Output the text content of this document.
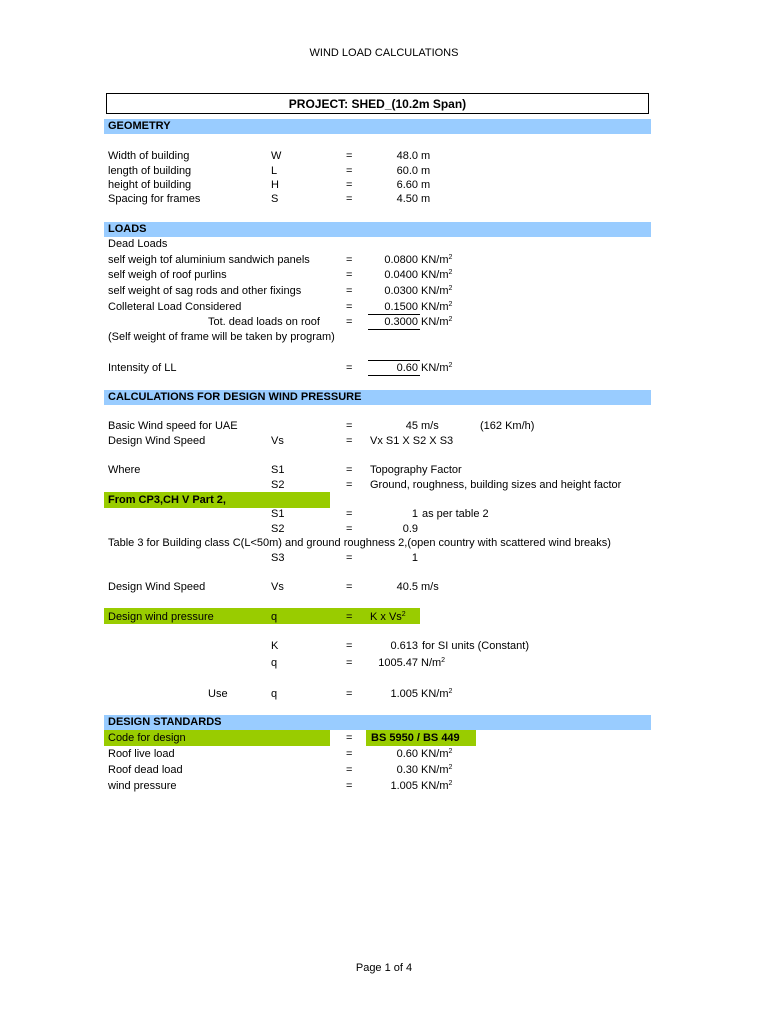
WIND LOAD CALCULATIONS
PROJECT: SHED_(10.2m Span)
GEOMETRY
Width of building	W	=	48.0 m
length of building	L	=	60.0 m
height of building	H	=	6.60 m
Spacing for frames	S	=	4.50 m
LOADS
Dead Loads
self weigh tof aluminium sandwich panels	=	0.0800 $KN/m^2$
self weigh of roof purlins	=	0.0400 $KN/m^2$
self weight of sag rods and other fixings	=	0.0300 $KN/m^2$
Colleteral Load Considered	=	0.1500 $KN/m^2$
Tot. dead loads on roof =	0.3000 $KN/m^2$
(Self weight of frame will be taken by program)
Intensity of LL	=	0.60 $KN/m^2$
CALCULATIONS FOR DESIGN WIND PRESSURE
Basic Wind speed for UAE	=	45 m/s	(162 Km/h)
Design Wind Speed	Vs	= Vx S1 X S2 X S3
Where	S1	= Topography Factor
S2	= Ground, roughness, building sizes and height factor
From CP3,CH V Part 2,
S1	=	1 as per table 2
S2	=	0.9
Table 3 for Building class C(L<50m) and ground roughness 2,(open country with scattered wind breaks)
S3	=	1
Design Wind Speed	Vs	=	40.5 m/s
Design wind pressure	q	= K x Vs$^2$
K	=	0.613 for SI units (Constant)
q	=	1005.47 $N/m^2$
Use	q	=	1.005 $KN/m^2$
DESIGN STANDARDS
Code for design	= BS 5950 / BS 449
Roof live load	=	0.60 $KN/m^2$
Roof dead load	=	0.30 $KN/m^2$
wind pressure	=	1.005 $KN/m^2$
Page 1 of 4
